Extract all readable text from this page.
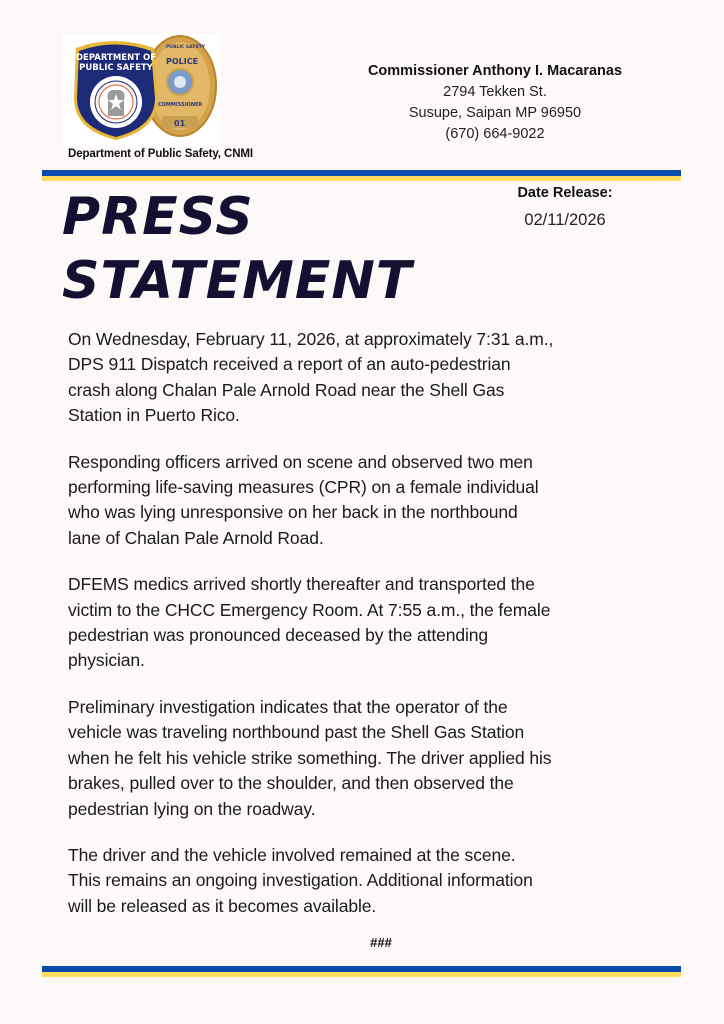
01
POLICE
COMMISSIONER
PUBLIC SAFETY
DEPARTMENT OF
PUBLIC SAFETY
Department of Public Safety, CNMI
Commissioner Anthony I. Macaranas
2794 Tekken St.
Susupe, Saipan MP 96950
(670) 664-9022
PRESS
STATEMENT
Date Release:
02/11/2026

On Wednesday, February 11, 2026, at approximately 7:31 a.m.,
DPS 911 Dispatch received a report of an auto-pedestrian
crash along Chalan Pale Arnold Road near the Shell Gas
Station in Puerto Rico.

Responding officers arrived on scene and observed two men
performing life-saving measures (CPR) on a female individual
who was lying unresponsive on her back in the northbound
lane of Chalan Pale Arnold Road.

DFEMS medics arrived shortly thereafter and transported the
victim to the CHCC Emergency Room. At 7:55 a.m., the female
pedestrian was pronounced deceased by the attending
physician.

Preliminary investigation indicates that the operator of the
vehicle was traveling northbound past the Shell Gas Station
when he felt his vehicle strike something. The driver applied his
brakes, pulled over to the shoulder, and then observed the
pedestrian lying on the roadway.

The driver and the vehicle involved remained at the scene.
This remains an ongoing investigation. Additional information
will be released as it becomes available.

###
